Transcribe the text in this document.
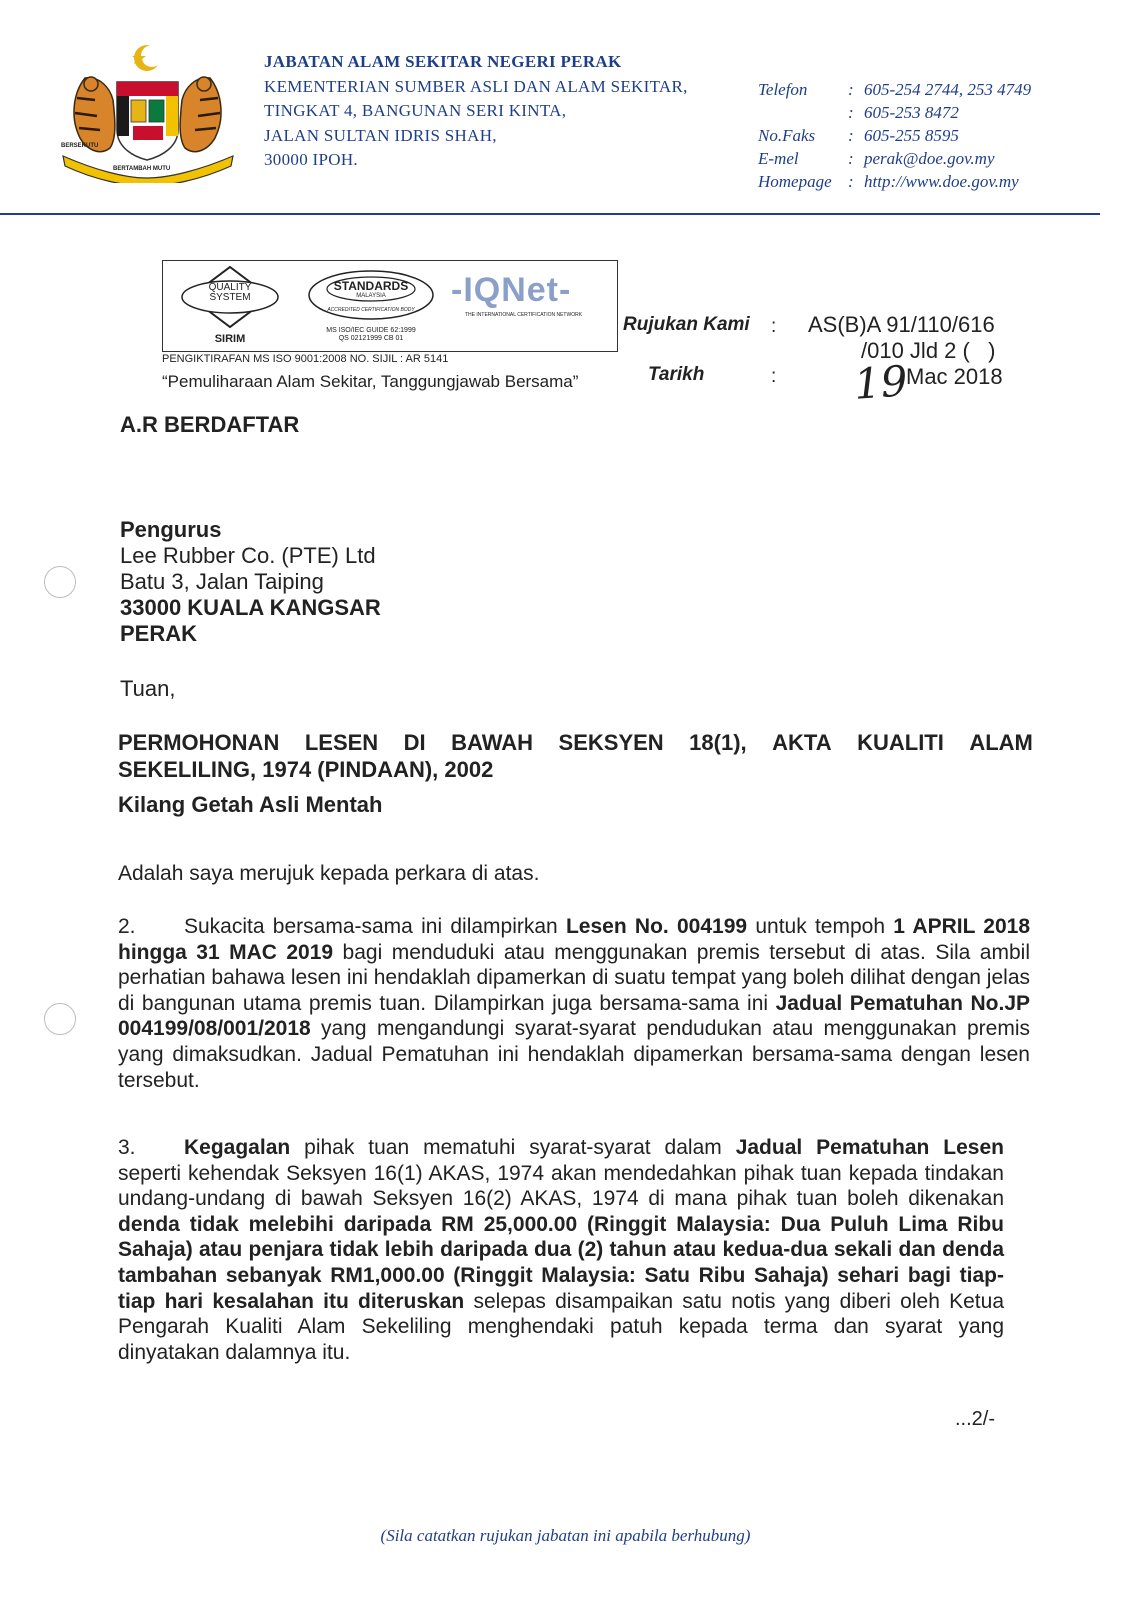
BERSEKUTU
BERTAMBAH MUTU
JABATAN ALAM SEKITAR NEGERI PERAK
KEMENTERIAN SUMBER ASLI DAN ALAM SEKITAR,
TINGKAT 4, BANGUNAN SERI KINTA,
JALAN SULTAN IDRIS SHAH,
30000 IPOH.
Telefon	: 605-254 2744, 253 4749
: 605-253 8472
No.Faks	: 605-255 8595
E-mel	: perak@doe.gov.my
Homepage : http://www.doe.gov.my
QUALITY
SYSTEM
SIRIM
STANDARDS
MALAYSIA
ACCREDITED CERTIFICATION BODY
MS ISO/IEC GUIDE 62:1999
QS 02121999 CB 01
-IQNet-
THE INTERNATIONAL CERTIFICATION NETWORK
PENGIKTIRAFAN MS ISO 9001:2008 NO. SIJIL : AR 5141
“Pemuliharaan Alam Sekitar, Tanggungjawab Bersama”
Rujukan Kami : AS(B)A 91/110/616
/010 Jld 2 (   )
Tarikh	: 19
Mac 2018
A.R BERDAFTAR
Pengurus
Lee Rubber Co. (PTE) Ltd
Batu 3, Jalan Taiping
33000 KUALA KANGSAR
PERAK
Tuan,
PERMOHONAN LESEN DI BAWAH SEKSYEN 18(1), AKTA KUALITI ALAM
SEKELILING, 1974 (PINDAAN), 2002
Kilang Getah Asli Mentah
Adalah saya merujuk kepada perkara di atas.
2. Sukacita bersama-sama ini dilampirkan Lesen No. 004199 untuk tempoh 1 APRIL 2018 hingga 31 MAC 2019 bagi menduduki atau menggunakan premis tersebut di atas. Sila ambil perhatian bahawa lesen ini hendaklah dipamerkan di suatu tempat yang boleh dilihat dengan jelas di bangunan utama premis tuan. Dilampirkan juga bersama-sama ini Jadual Pematuhan No.JP 004199/08/001/2018 yang mengandungi syarat-syarat pendudukan atau menggunakan premis yang dimaksudkan. Jadual Pematuhan ini hendaklah dipamerkan bersama-sama dengan lesen tersebut.
3. Kegagalan pihak tuan mematuhi syarat-syarat dalam Jadual Pematuhan Lesen seperti kehendak Seksyen 16(1) AKAS, 1974 akan mendedahkan pihak tuan kepada tindakan undang-undang di bawah Seksyen 16(2) AKAS, 1974 di mana pihak tuan boleh dikenakan denda tidak melebihi daripada RM 25,000.00 (Ringgit Malaysia: Dua Puluh Lima Ribu Sahaja) atau penjara tidak lebih daripada dua (2) tahun atau kedua-dua sekali dan denda tambahan sebanyak RM1,000.00 (Ringgit Malaysia: Satu Ribu Sahaja) sehari bagi tiap-tiap hari kesalahan itu diteruskan selepas disampaikan satu notis yang diberi oleh Ketua Pengarah Kualiti Alam Sekeliling menghendaki patuh kepada terma dan syarat yang dinyatakan dalamnya itu.
...2/-
(Sila catatkan rujukan jabatan ini apabila berhubung)
